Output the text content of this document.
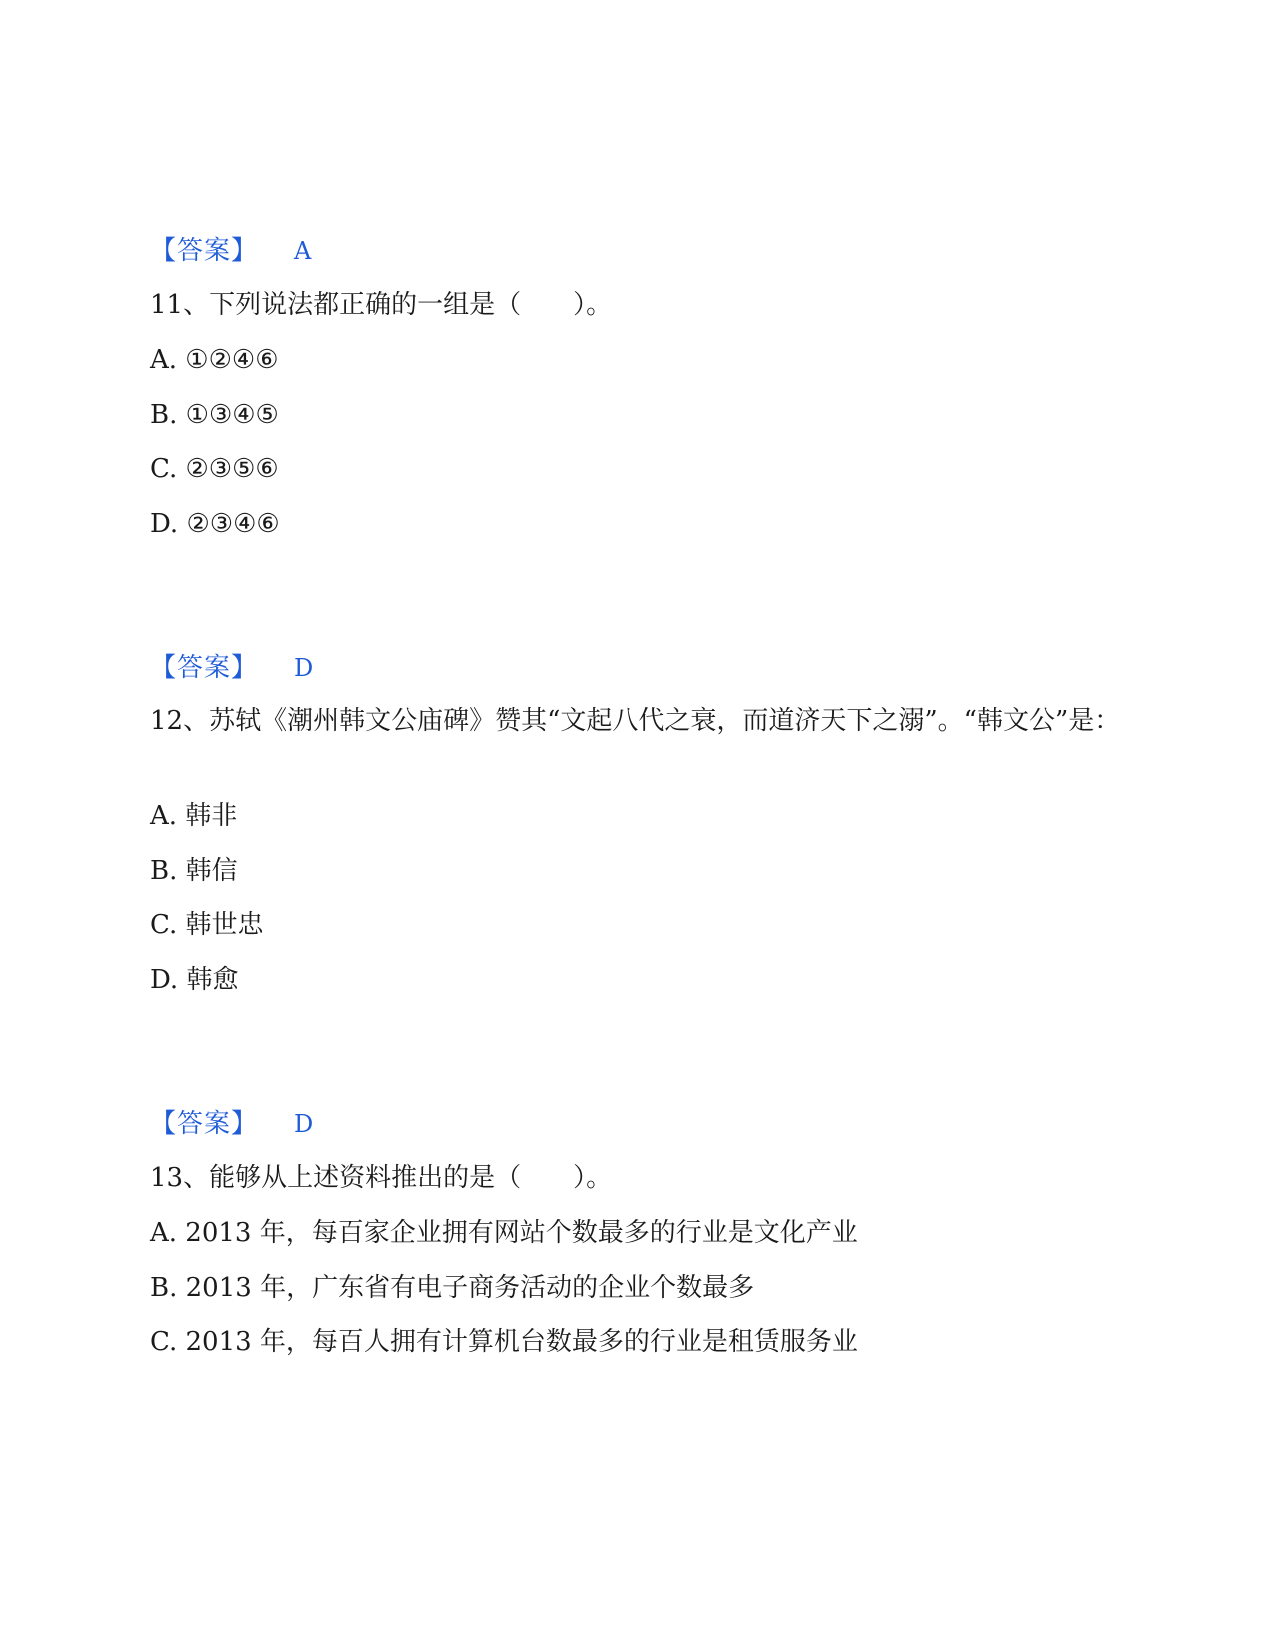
【答案】 A
11、下列说法都正确的一组是（　　）。
A. ①②④⑥
B. ①③④⑤
C. ②③⑤⑥
D. ②③④⑥
【答案】 D
12、苏轼《潮州韩文公庙碑》赞其“文起八代之衰，而道济天下之溺”。“韩文公”是：
A. 韩非
B. 韩信
C. 韩世忠
D. 韩愈
【答案】 D
13、能够从上述资料推出的是（　　）。
A. 2013 年，每百家企业拥有网站个数最多的行业是文化产业
B. 2013 年，广东省有电子商务活动的企业个数最多
C. 2013 年，每百人拥有计算机台数最多的行业是租赁服务业
